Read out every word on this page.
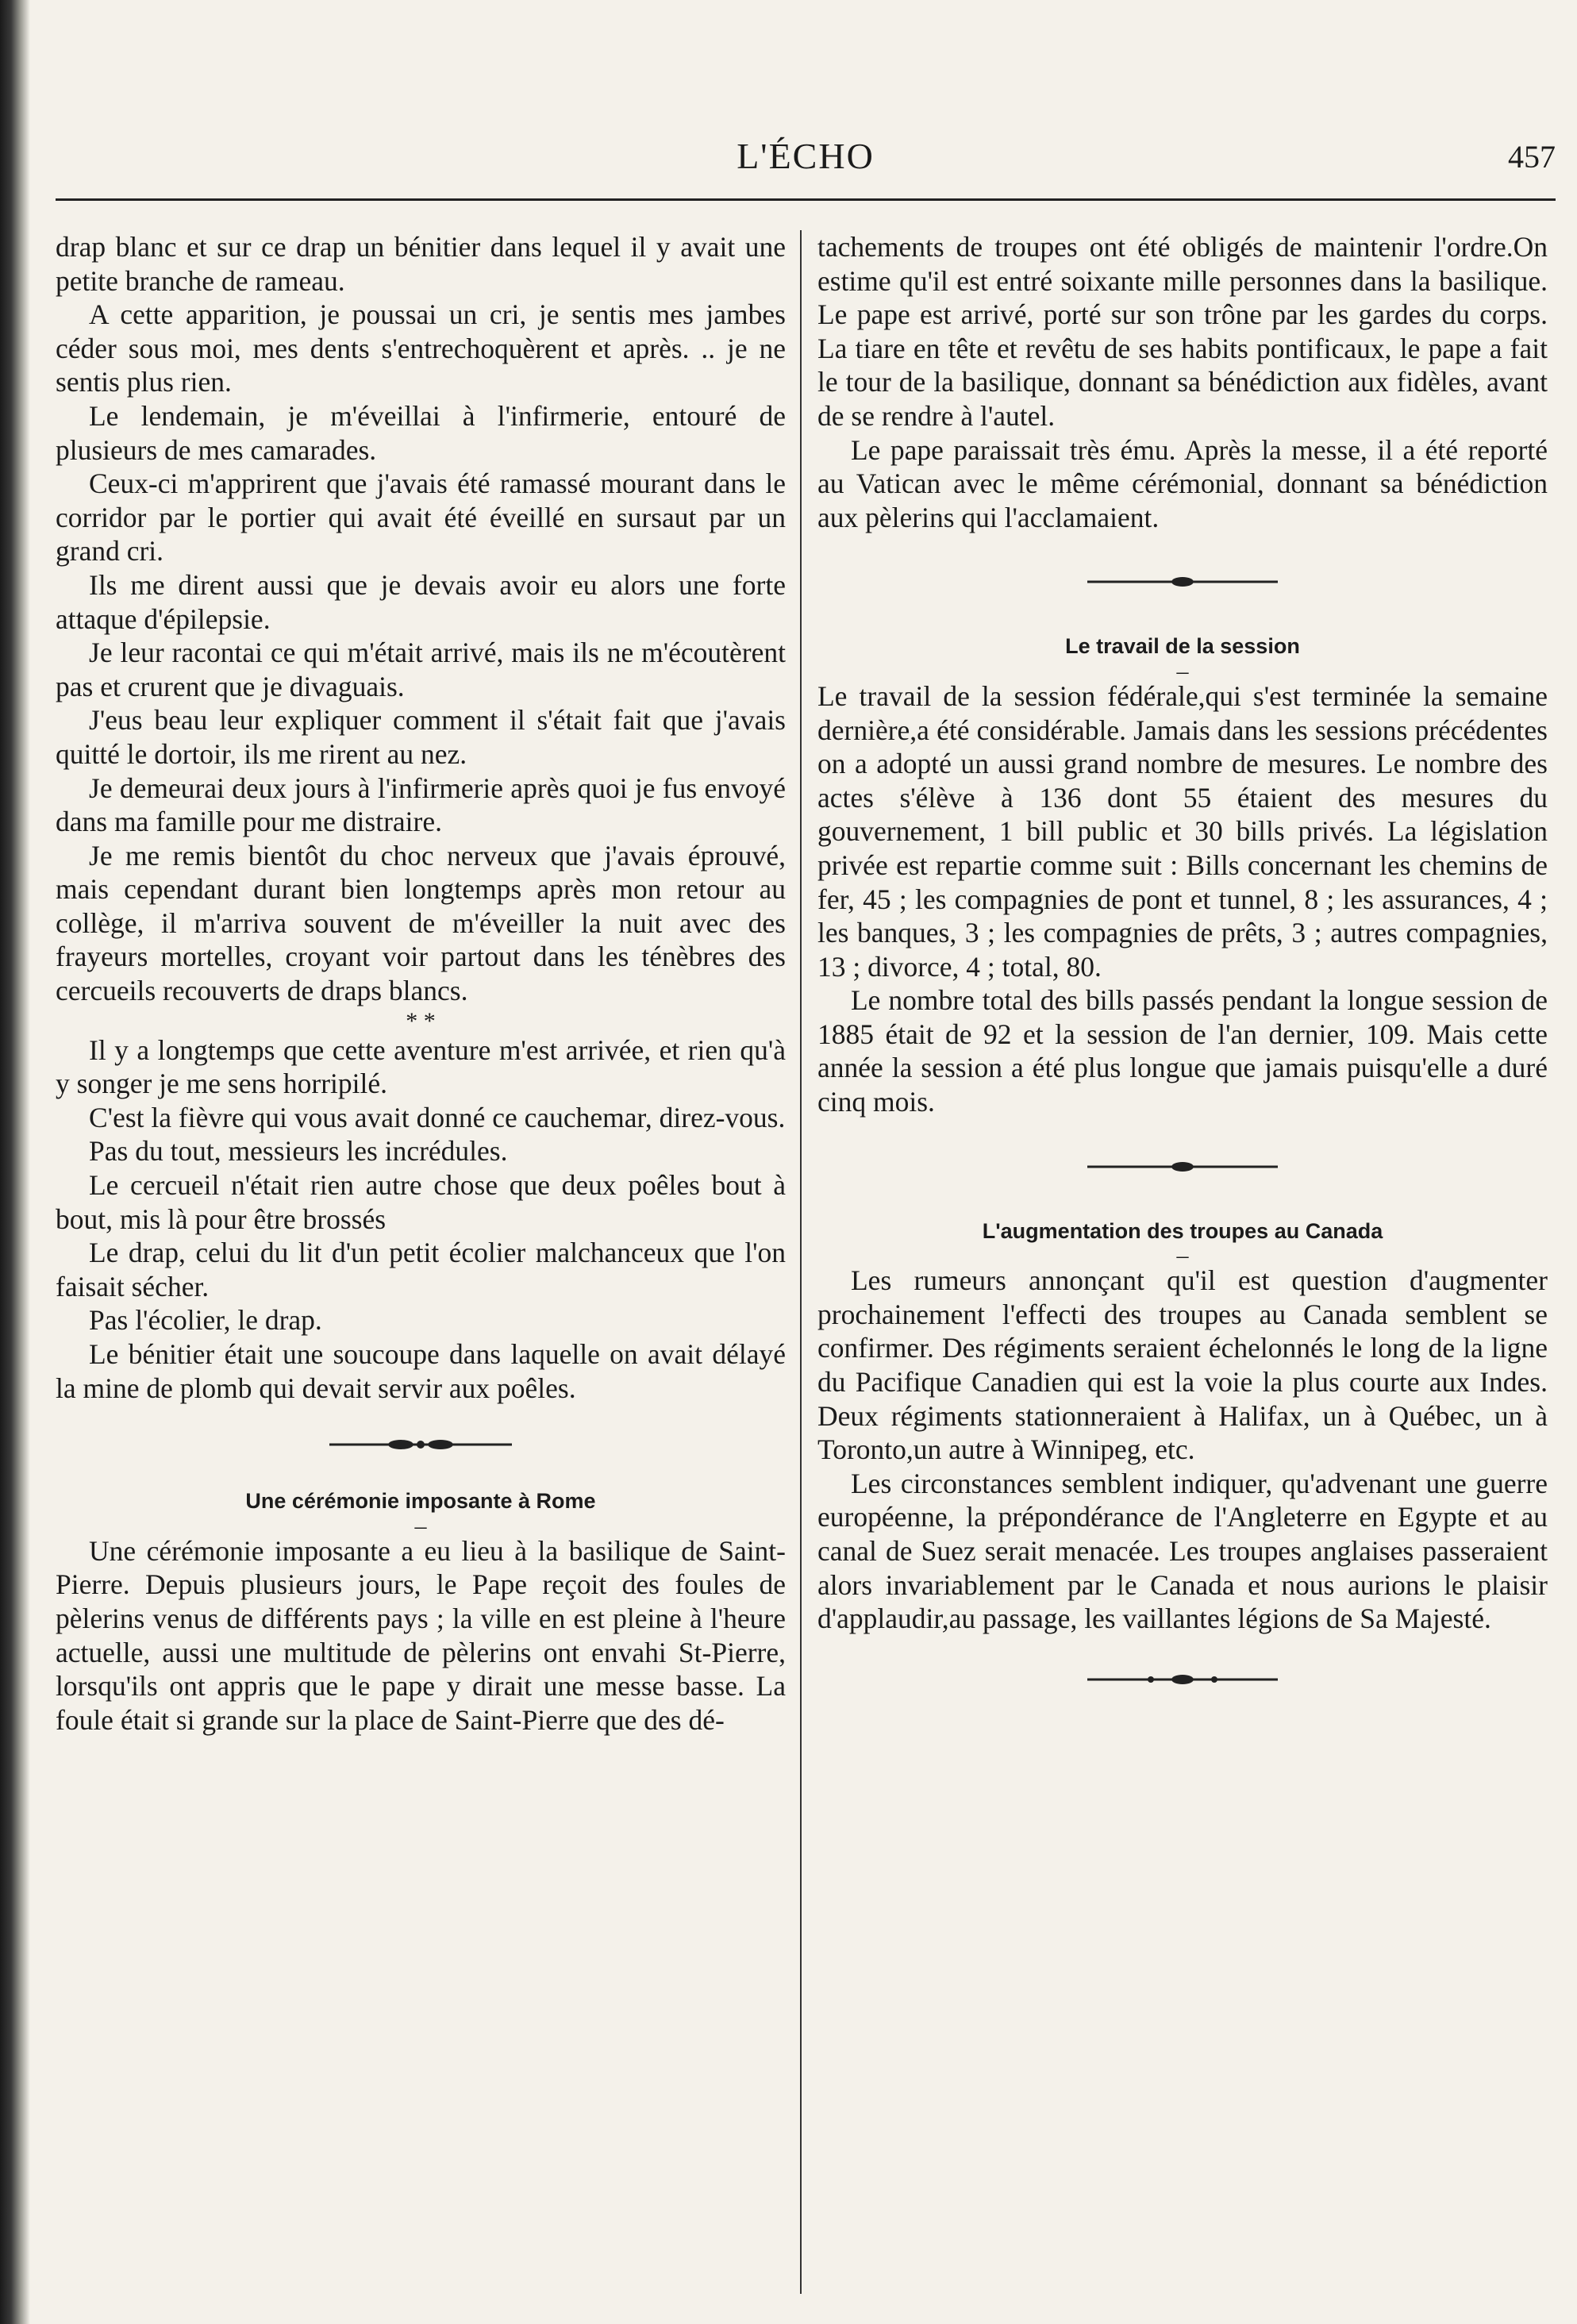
L'ÉCHO	457

drap blanc et sur ce drap un bénitier dans lequel il y avait une petite branche de rameau.

A cette apparition, je poussai un cri, je sentis mes jambes céder sous moi, mes dents s'entrechoquèrent et après. .. je ne sentis plus rien.

Le lendemain, je m'éveillai à l'infirmerie, entouré de plusieurs de mes camarades.

Ceux-ci m'apprirent que j'avais été ramassé mourant dans le corridor par le portier qui avait été éveillé en sursaut par un grand cri.

Ils me dirent aussi que je devais avoir eu alors une forte attaque d'épilepsie.

Je leur racontai ce qui m'était arrivé, mais ils ne m'écoutèrent pas et crurent que je divaguais.

J'eus beau leur expliquer comment il s'était fait que j'avais quitté le dortoir, ils me rirent au nez.

Je demeurai deux jours à l'infirmerie après quoi je fus envoyé dans ma famille pour me distraire.

Je me remis bientôt du choc nerveux que j'avais éprouvé, mais cependant durant bien longtemps après mon retour au collège, il m'arriva souvent de m'éveiller la nuit avec des frayeurs mortelles, croyant voir partout dans les ténèbres des cercueils recouverts de draps blancs.

* *

Il y a longtemps que cette aventure m'est arrivée, et rien qu'à y songer je me sens horripilé.

C'est la fièvre qui vous avait donné ce cauchemar, direz-vous.

Pas du tout, messieurs les incrédules.

Le cercueil n'était rien autre chose que deux poêles bout à bout, mis là pour être brossés

Le drap, celui du lit d'un petit écolier malchanceux que l'on faisait sécher.

Pas l'écolier, le drap.

Le bénitier était une soucoupe dans laquelle on avait délayé la mine de plomb qui devait servir aux poêles.

Une cérémonie imposante à Rome
–

Une cérémonie imposante a eu lieu à la basilique de Saint-Pierre. Depuis plusieurs jours, le Pape reçoit des foules de pèlerins venus de différents pays ; la ville en est pleine à l'heure actuelle, aussi une multitude de pèlerins ont envahi St-Pierre, lorsqu'ils ont appris que le pape y dirait une messe basse. La foule était si grande sur la place de Saint-Pierre que des dé-

tachements de troupes ont été obligés de maintenir l'ordre.On estime qu'il est entré soixante mille personnes dans la basilique. Le pape est arrivé, porté sur son trône par les gardes du corps. La tiare en tête et revêtu de ses habits pontificaux, le pape a fait le tour de la basilique, donnant sa bénédiction aux fidèles, avant de se rendre à l'autel.

Le pape paraissait très ému. Après la messe, il a été reporté au Vatican avec le même cérémonial, donnant sa bénédiction aux pèlerins qui l'acclamaient.

Le travail de la session
–

Le travail de la session fédérale,qui s'est terminée la semaine dernière,a été considérable. Jamais dans les sessions précédentes on a adopté un aussi grand nombre de mesures. Le nombre des actes s'élève à 136 dont 55 étaient des mesures du gouvernement, 1 bill public et 30 bills privés. La législation privée est repartie comme suit : Bills concernant les chemins de fer, 45 ; les compagnies de pont et tunnel, 8 ; les assurances, 4 ; les banques, 3 ; les compagnies de prêts, 3 ; autres compagnies, 13 ; divorce, 4 ; total, 80.

Le nombre total des bills passés pendant la longue session de 1885 était de 92 et la session de l'an dernier, 109. Mais cette année la session a été plus longue que jamais puisqu'elle a duré cinq mois.

L'augmentation des troupes au Canada
–

Les rumeurs annonçant qu'il est question d'augmenter prochainement l'effecti des troupes au Canada semblent se confirmer. Des régiments seraient échelonnés le long de la ligne du Pacifique Canadien qui est la voie la plus courte aux Indes. Deux régiments stationneraient à Halifax, un à Québec, un à Toronto,un autre à Winnipeg, etc.

Les circonstances semblent indiquer, qu'advenant une guerre européenne, la prépondérance de l'Angleterre en Egypte et au canal de Suez serait menacée. Les troupes anglaises passeraient alors invariablement par le Canada et nous aurions le plaisir d'applaudir,au passage, les vaillantes légions de Sa Majesté.
